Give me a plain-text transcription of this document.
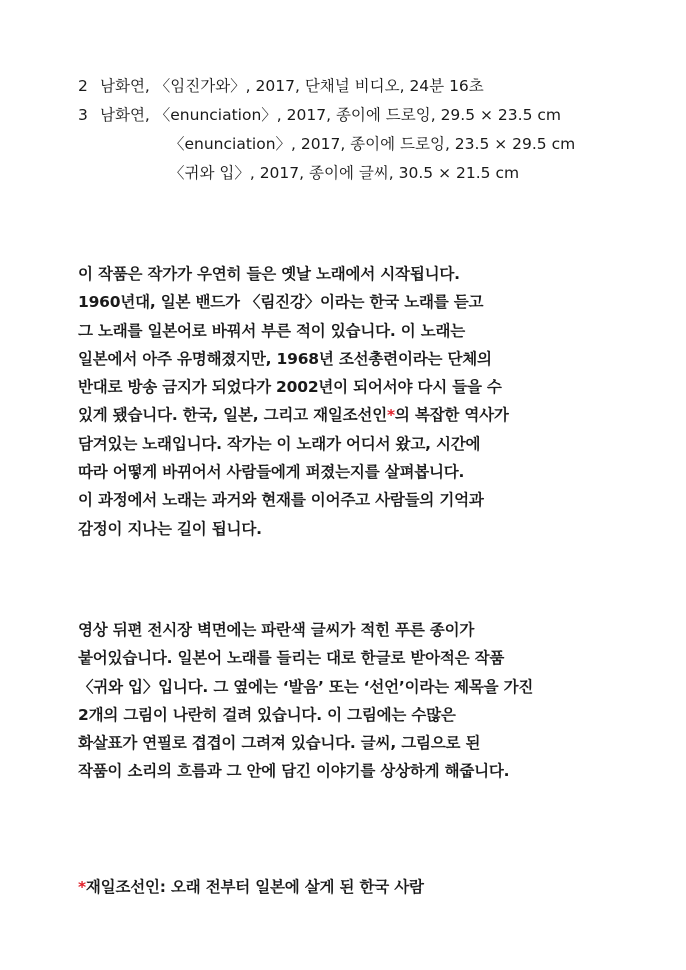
2 남화연, 〈임진가와〉, 2017, 단채널 비디오, 24분 16초
3 남화연, 〈enunciation〉, 2017, 종이에 드로잉, 29.5 × 23.5 cm
〈enunciation〉, 2017, 종이에 드로잉, 23.5 × 29.5 cm
〈귀와 입〉, 2017, 종이에 글씨, 30.5 × 21.5 cm
이 작품은 작가가 우연히 들은 옛날 노래에서 시작됩니다.
1960년대, 일본 밴드가 〈림진강〉이라는 한국 노래를 듣고
그 노래를 일본어로 바꿔서 부른 적이 있습니다. 이 노래는
일본에서 아주 유명해졌지만, 1968년 조선총련이라는 단체의
반대로 방송 금지가 되었다가 2002년이 되어서야 다시 들을 수
있게 됐습니다. 한국, 일본, 그리고 재일조선인*의 복잡한 역사가
담겨있는 노래입니다. 작가는 이 노래가 어디서 왔고, 시간에
따라 어떻게 바뀌어서 사람들에게 퍼졌는지를 살펴봅니다.
이 과정에서 노래는 과거와 현재를 이어주고 사람들의 기억과
감정이 지나는 길이 됩니다.
영상 뒤편 전시장 벽면에는 파란색 글씨가 적힌 푸른 종이가
붙어있습니다. 일본어 노래를 들리는 대로 한글로 받아적은 작품
〈귀와 입〉입니다. 그 옆에는 ‘발음’ 또는 ‘선언’이라는 제목을 가진
2개의 그림이 나란히 걸려 있습니다. 이 그림에는 수많은
화살표가 연필로 겹겹이 그려져 있습니다. 글씨, 그림으로 된
작품이 소리의 흐름과 그 안에 담긴 이야기를 상상하게 해줍니다.
*재일조선인: 오래 전부터 일본에 살게 된 한국 사람
